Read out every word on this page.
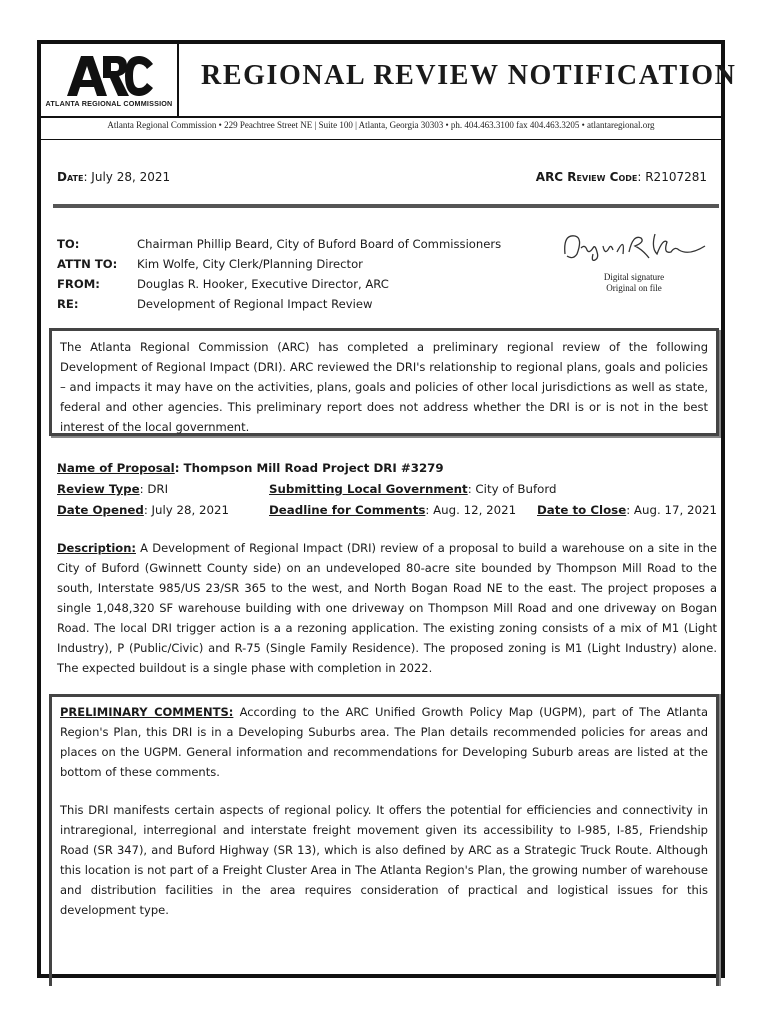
ATLANTA REGIONAL COMMISSION
REGIONAL REVIEW NOTIFICATION
Atlanta Regional Commission • 229 Peachtree Street NE | Suite 100 | Atlanta, Georgia 30303 • ph. 404.463.3100 fax 404.463.3205 • atlantaregional.org
Date: July 28, 2021	ARC Review Code: R2107281
TO:	Chairman Phillip Beard, City of Buford Board of Commissioners
ATTN TO:	Kim Wolfe, City Clerk/Planning Director
FROM:	Douglas R. Hooker, Executive Director, ARC
RE:	Development of Regional Impact Review
Digital signature
Original on file

The Atlanta Regional Commission (ARC) has completed a preliminary regional review of the following Development of Regional Impact (DRI). ARC reviewed the DRI's relationship to regional plans, goals and policies – and impacts it may have on the activities, plans, goals and policies of other local jurisdictions as well as state, federal and other agencies. This preliminary report does not address whether the DRI is or is not in the best interest of the local government.

Name of Proposal: Thompson Mill Road Project DRI #3279
Review Type: DRI	Submitting Local Government: City of Buford
Date Opened: July 28, 2021	Deadline for Comments: Aug. 12, 2021 Date to Close: Aug. 17, 2021

Description: A Development of Regional Impact (DRI) review of a proposal to build a warehouse on a site in the City of Buford (Gwinnett County side) on an undeveloped 80-acre site bounded by Thompson Mill Road to the south, Interstate 985/US 23/SR 365 to the west, and North Bogan Road NE to the east. The project proposes a single 1,048,320 SF warehouse building with one driveway on Thompson Mill Road and one driveway on Bogan Road. The local DRI trigger action is a a rezoning application. The existing zoning consists of a mix of M1 (Light Industry), P (Public/Civic) and R-75 (Single Family Residence). The proposed zoning is M1 (Light Industry) alone. The expected buildout is a single phase with completion in 2022.

PRELIMINARY COMMENTS: According to the ARC Unified Growth Policy Map (UGPM), part of The Atlanta Region's Plan, this DRI is in a Developing Suburbs area. The Plan details recommended policies for areas and places on the UGPM. General information and recommendations for Developing Suburb areas are listed at the bottom of these comments.

This DRI manifests certain aspects of regional policy. It offers the potential for efficiencies and connectivity in intraregional, interregional and interstate freight movement given its accessibility to I-985, I-85, Friendship Road (SR 347), and Buford Highway (SR 13), which is also defined by ARC as a Strategic Truck Route. Although this location is not part of a Freight Cluster Area in The Atlanta Region's Plan, the growing number of warehouse and distribution facilities in the area requires consideration of practical and logistical issues for this development type.
